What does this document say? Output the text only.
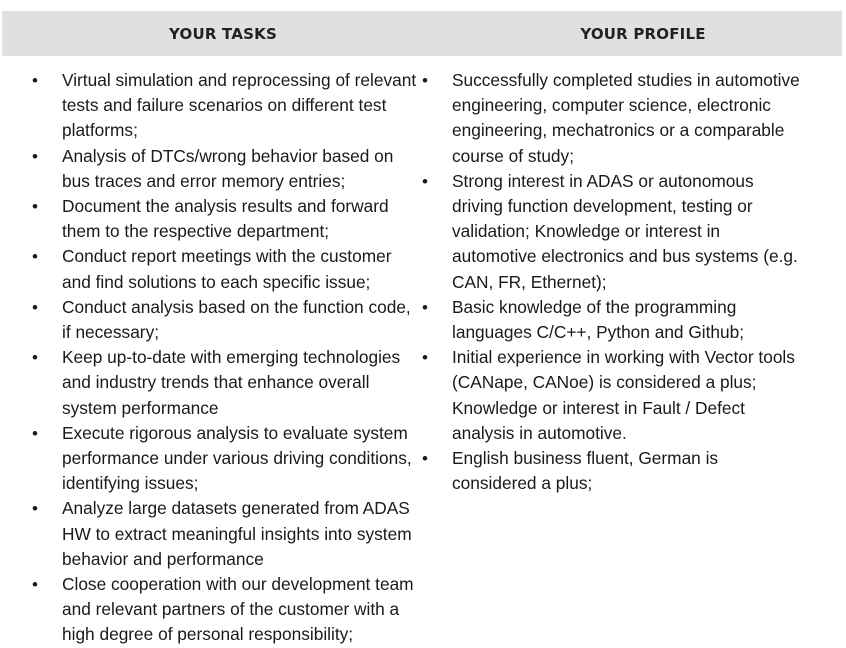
YOUR TASKS	YOUR PROFILE
• Virtual simulation and reprocessing of relevant tests and failure scenarios on different test platforms;
• Analysis of DTCs/wrong behavior based on bus traces and error memory entries;
• Document the analysis results and forward them to the respective department;
• Conduct report meetings with the customer and find solutions to each specific issue;
• Conduct analysis based on the function code, if necessary;
• Keep up-to-date with emerging technologies and industry trends that enhance overall system performance
• Execute rigorous analysis to evaluate system performance under various driving conditions, identifying issues;
• Analyze large datasets generated from ADAS HW to extract meaningful insights into system behavior and performance
• Close cooperation with our development team and relevant partners of the customer with a high degree of personal responsibility;
• Successfully completed studies in automotive engineering, computer science, electronic engineering, mechatronics or a comparable course of study;
• Strong interest in ADAS or autonomous driving function development, testing or validation; Knowledge or interest in automotive electronics and bus systems (e.g. CAN, FR, Ethernet);
• Basic knowledge of the programming languages C/C++, Python and Github;
• Initial experience in working with Vector tools (CANape, CANoe) is considered a plus; Knowledge or interest in Fault / Defect analysis in automotive.
• English business fluent, German is considered a plus;
